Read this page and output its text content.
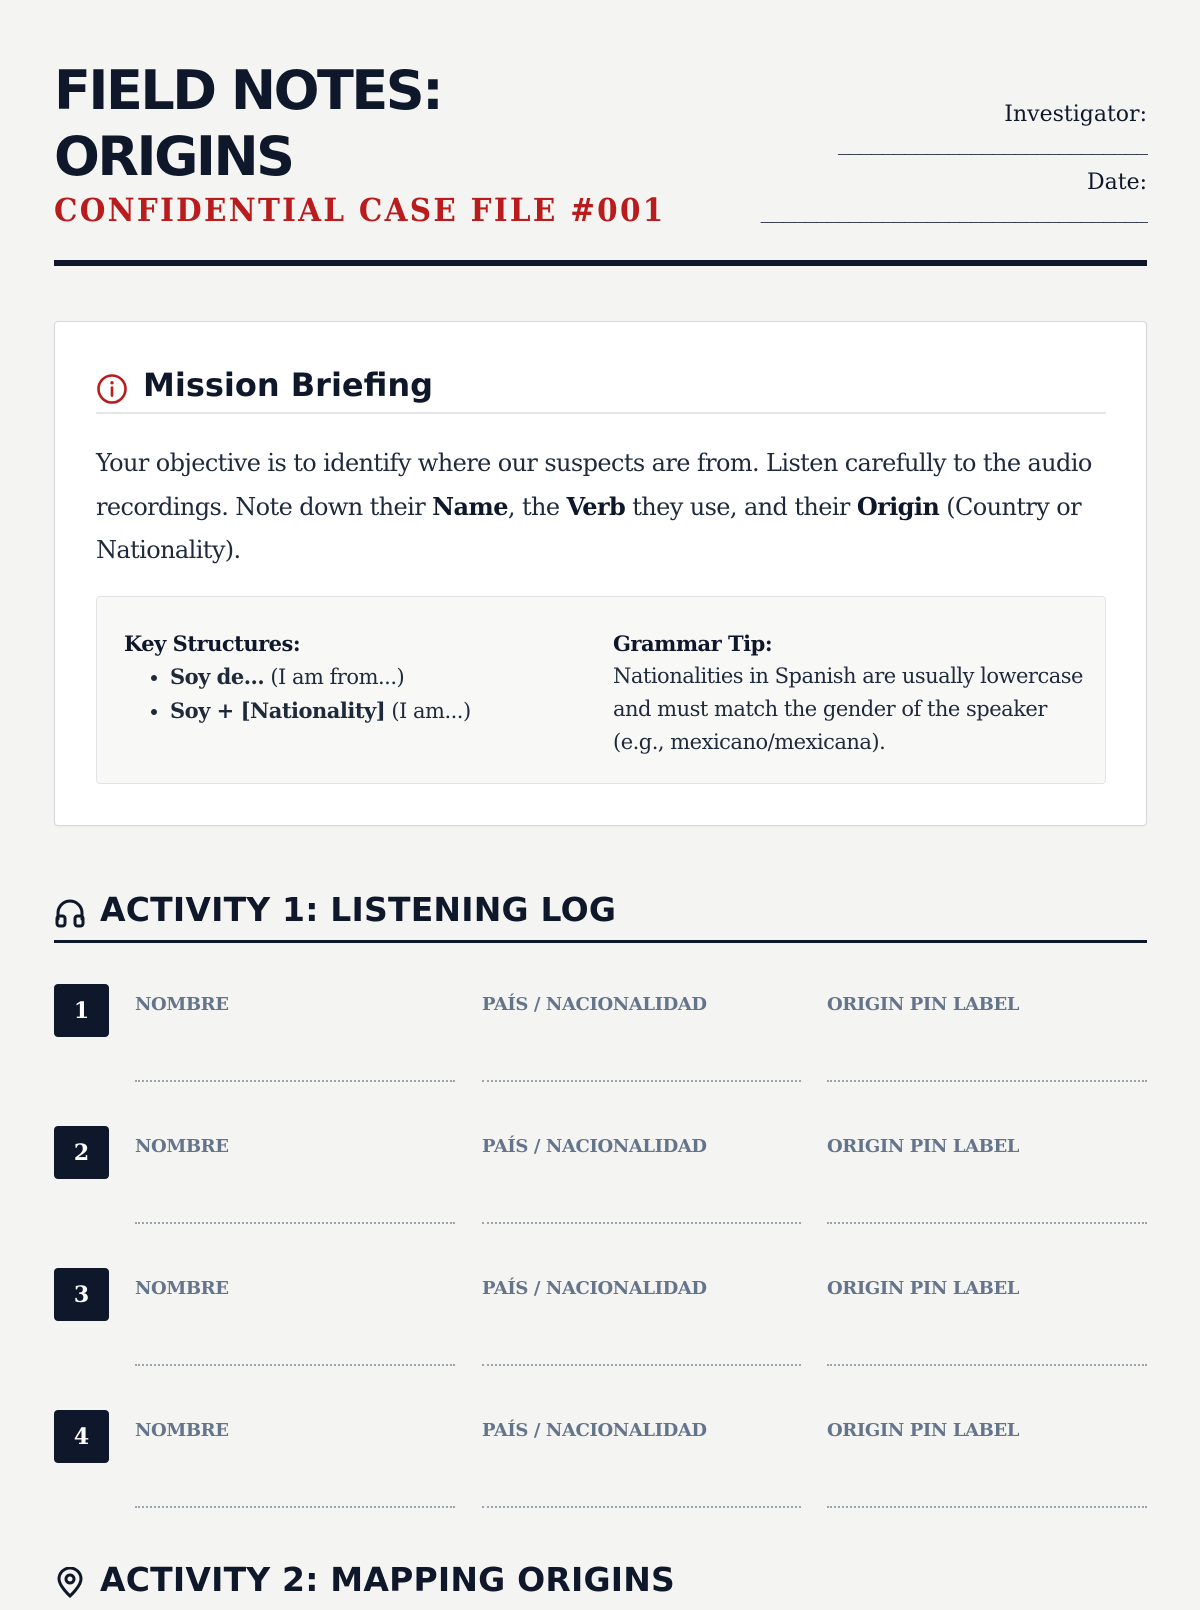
FIELD NOTES: ORIGINS
CONFIDENTIAL CASE FILE #001
Investigator:
____________________________
Date:
___________________________________
Mission Briefing

Your objective is to identify where our suspects are from. Listen carefully to the audio recordings. Note down their Name, the Verb they use, and their Origin (Country or Nationality).

Key Structures:
• Soy de... (I am from...)
• Soy + [Nationality] (I am...)
Grammar Tip:

Nationalities in Spanish are usually lowercase and must match the gender of the speaker (e.g., mexicano/mexicana).

ACTIVITY 1: LISTENING LOG
1	NOMBRE	PAÍS / NACIONALIDAD	ORIGIN PIN LABEL
2	NOMBRE	PAÍS / NACIONALIDAD	ORIGIN PIN LABEL
3	NOMBRE	PAÍS / NACIONALIDAD	ORIGIN PIN LABEL
4	NOMBRE	PAÍS / NACIONALIDAD	ORIGIN PIN LABEL
ACTIVITY 2: MAPPING ORIGINS
